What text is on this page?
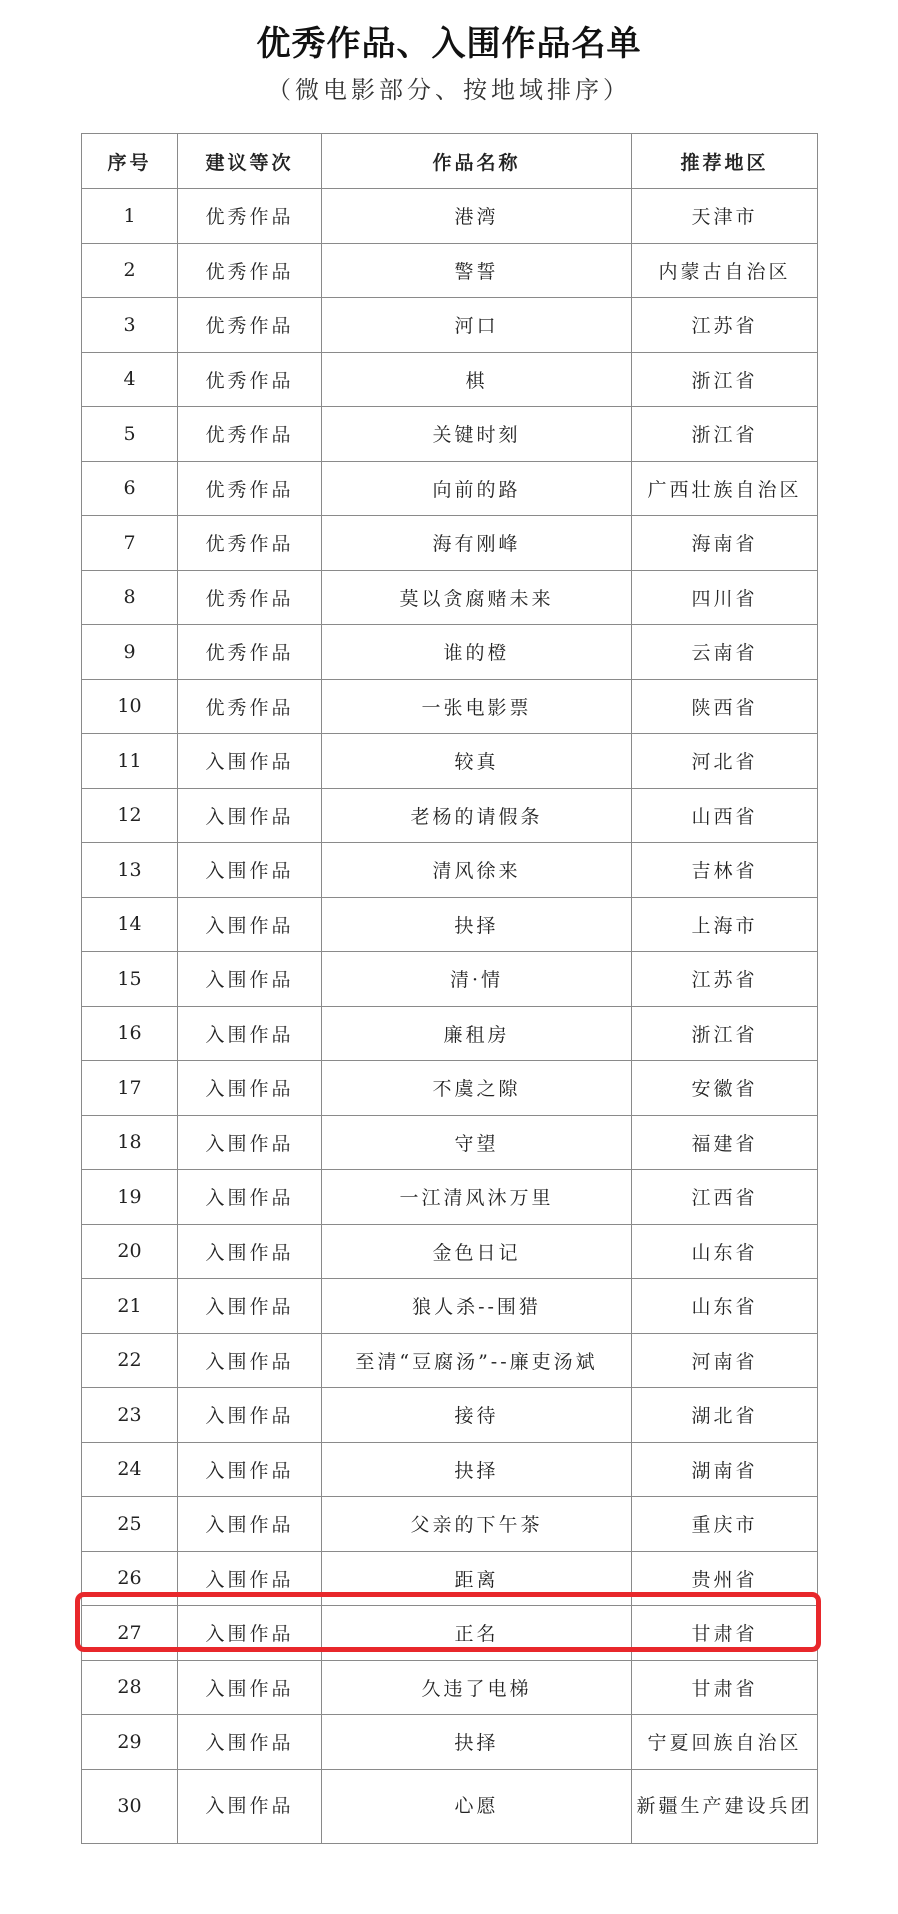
优秀作品、入围作品名单
（微电影部分、按地域排序）
序号	建议等次	作品名称	推荐地区
1	优秀作品	港湾	天津市
2	优秀作品	警誓	内蒙古自治区
3	优秀作品	河口	江苏省
4	优秀作品	棋	浙江省
5	优秀作品	关键时刻	浙江省
6	优秀作品	向前的路	广西壮族自治区
7	优秀作品	海有刚峰	海南省
8	优秀作品	莫以贪腐赌未来	四川省
9	优秀作品	谁的橙	云南省
10	优秀作品	一张电影票	陕西省
11	入围作品	较真	河北省
12	入围作品	老杨的请假条	山西省
13	入围作品	清风徐来	吉林省
14	入围作品	抉择	上海市
15	入围作品	清·情	江苏省
16	入围作品	廉租房	浙江省
17	入围作品	不虞之隙	安徽省
18	入围作品	守望	福建省
19	入围作品	一江清风沐万里	江西省
20	入围作品	金色日记	山东省
21	入围作品	狼人杀--围猎	山东省
22	入围作品	至清“豆腐汤”--廉吏汤斌	河南省
23	入围作品	接待	湖北省
24	入围作品	抉择	湖南省
25	入围作品	父亲的下午茶	重庆市
26	入围作品	距离	贵州省
27	入围作品	正名	甘肃省
28	入围作品	久违了电梯	甘肃省
29	入围作品	抉择	宁夏回族自治区
30	入围作品	心愿	新疆生产建设兵团
